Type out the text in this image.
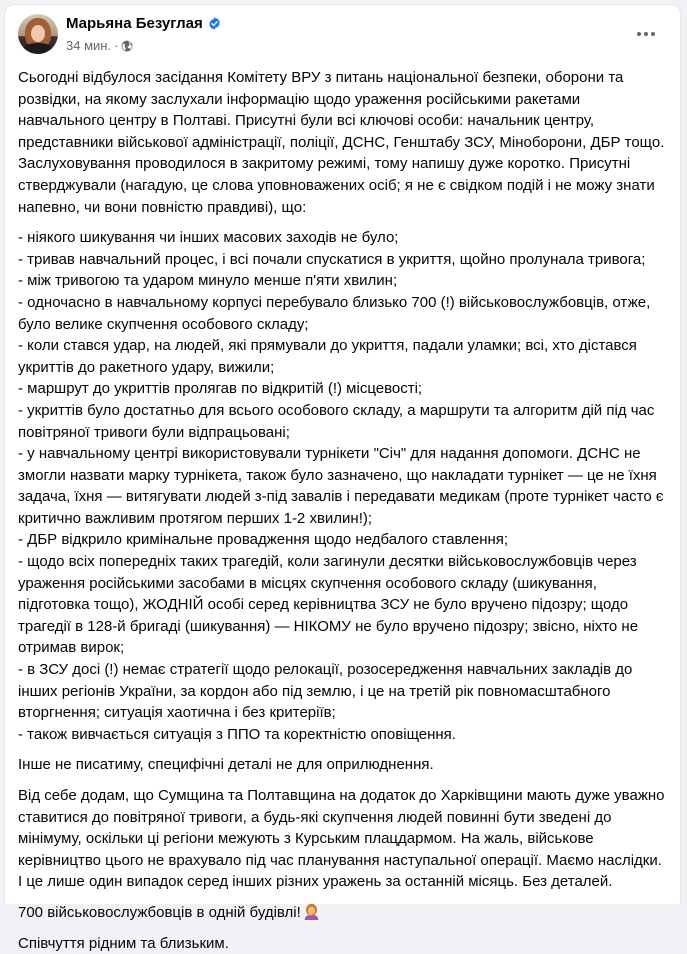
Марьяна Безуглая
34 мин. ·

Сьогодні відбулося засідання Комітету ВРУ з питань національної безпеки, оборони та розвідки, на якому заслухали інформацію щодо ураження російськими ракетами навчального центру в Полтаві. Присутні були всі ключові особи: начальник центру, представники військової адміністрації, поліції, ДСНС, Генштабу ЗСУ, Міноборони, ДБР тощо. Заслуховування проводилося в закритому режимі, тому напишу дуже коротко. Присутні стверджували (нагадую, це слова уповноважених осіб; я не є свідком подій і не можу знати напевно, чи вони повністю правдиві), що:

- ніякого шикування чи інших масових заходів не було;
- тривав навчальний процес, і всі почали спускатися в укриття, щойно пролунала тривога;
- між тривогою та ударом минуло менше п'яти хвилин;
- одночасно в навчальному корпусі перебувало близько 700 (!) військовослужбовців, отже, було велике скупчення особового складу;
- коли стався удар, на людей, які прямували до укриття, падали уламки; всі, хто дістався укриттів до ракетного удару, вижили;
- маршрут до укриттів пролягав по відкритій (!) місцевості;
- укриттів було достатньо для всього особового складу, а маршрути та алгоритм дій під час повітряної тривоги були відпрацьовані;
- у навчальному центрі використовували турнікети "Січ" для надання допомоги. ДСНС не змогли назвати марку турнікета, також було зазначено, що накладати турнікет — це не їхня задача, їхня — витягувати людей з-під завалів і передавати медикам (проте турнікет часто є критично важливим протягом перших 1-2 хвилин!);
- ДБР відкрило кримінальне провадження щодо недбалого ставлення;
- щодо всіх попередніх таких трагедій, коли загинули десятки військовослужбовців через ураження російськими засобами в місцях скупчення особового складу (шикування, підготовка тощо), ЖОДНІЙ особі серед керівництва ЗСУ не було вручено підозру; щодо трагедії в 128-й бригаді (шикування) — НІКОМУ не було вручено підозру; звісно, ніхто не отримав вирок;
- в ЗСУ досі (!) немає стратегії щодо релокації, розосередження навчальних закладів до інших регіонів України, за кордон або під землю, і це на третій рік повномасштабного вторгнення; ситуація хаотична і без критеріїв;
- також вивчається ситуація з ППО та коректністю оповіщення.

Інше не писатиму, специфічні деталі не для оприлюднення.

Від себе додам, що Сумщина та Полтавщина на додаток до Харківщини мають дуже уважно ставитися до повітряної тривоги, а будь-які скупчення людей повинні бути зведені до мінімуму, оскільки ці регіони межують з Курським плацдармом. На жаль, військове керівництво цього не врахувало під час планування наступальної операції. Маємо наслідки. І це лише один випадок серед інших різних уражень за останній місяць. Без деталей.

700 військовослужбовців в одній будівлі!

Співчуття рідним та близьким.
